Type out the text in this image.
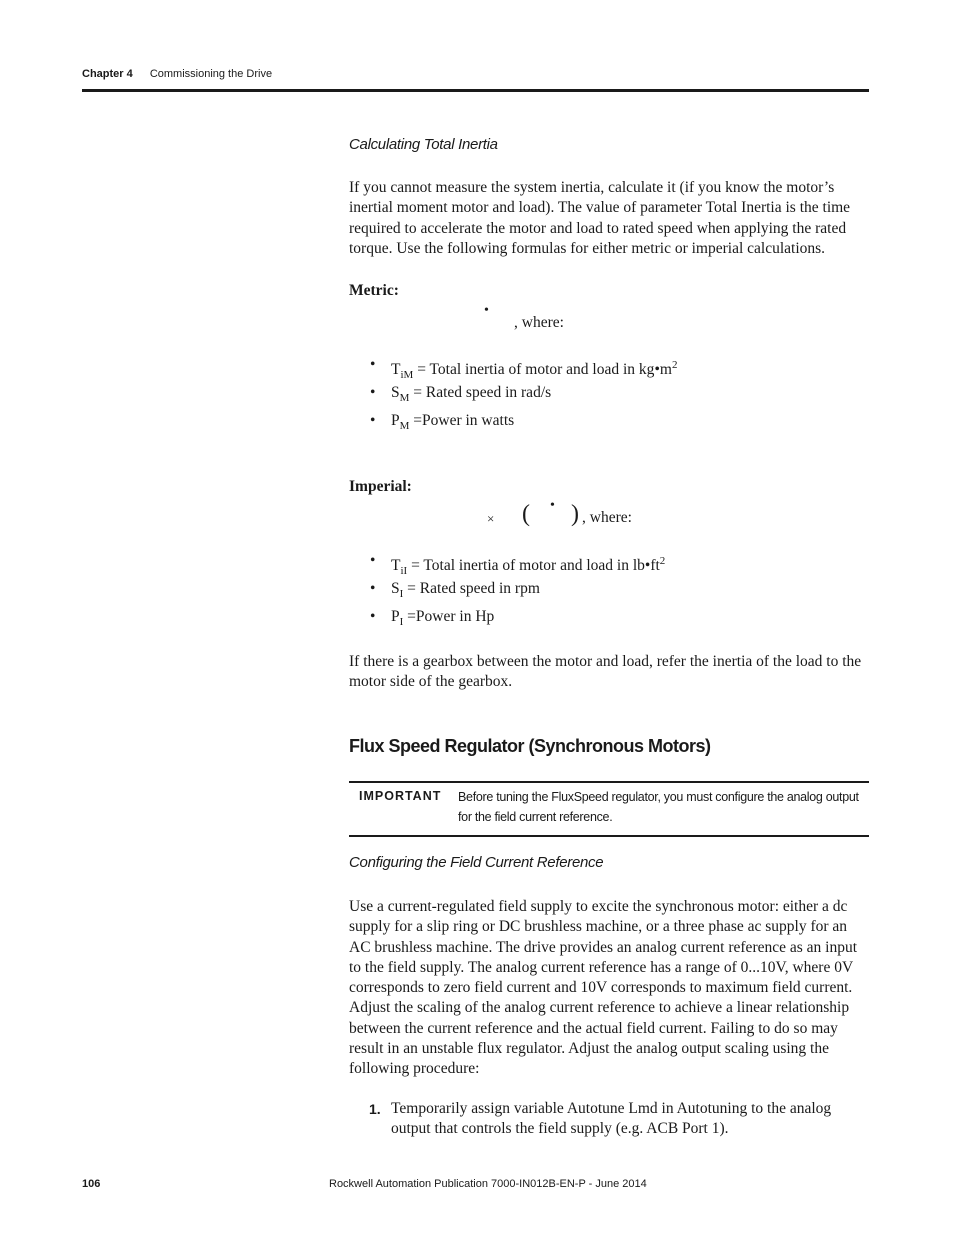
Chapter 4 Commissioning the Drive
Calculating Total Inertia
If you cannot measure the system inertia, calculate it (if you know the motor’s inertial moment motor and load). The value of parameter Total Inertia is the time required to accelerate the motor and load to rated speed when applying the rated torque. Use the following formulas for either metric or imperial calculations.
Metric:
•
, where:
• $T_{iM}$ = Total inertia of motor and load in $kg•m^2$
• $S_M$ = Rated speed in rad/s
• $P_M$ =Power in watts
Imperial:
× ( • ) , where:
• $T_{iI}$ = Total inertia of motor and load in $lb•ft^2$
• $S_I$ = Rated speed in rpm
• $P_I$ =Power in Hp
If there is a gearbox between the motor and load, refer the inertia of the load to the motor side of the gearbox.
Flux Speed Regulator (Synchronous Motors)
IMPORTANT Before tuning the FluxSpeed regulator, you must configure the analog output for the field current reference.
Configuring the Field Current Reference
Use a current-regulated field supply to excite the synchronous motor: either a dc supply for a slip ring or DC brushless machine, or a three phase ac supply for an AC brushless machine. The drive provides an analog current reference as an input to the field supply. The analog current reference has a range of 0...10V, where 0V corresponds to zero field current and 10V corresponds to maximum field current. Adjust the scaling of the analog current reference to achieve a linear relationship between the current reference and the actual field current. Failing to do so may result in an unstable flux regulator. Adjust the analog output scaling using the following procedure:
1. Temporarily assign variable Autotune Lmd in Autotuning to the analog output that controls the field supply (e.g. ACB Port 1).
106	Rockwell Automation Publication 7000-IN012B-EN-P - June 2014
